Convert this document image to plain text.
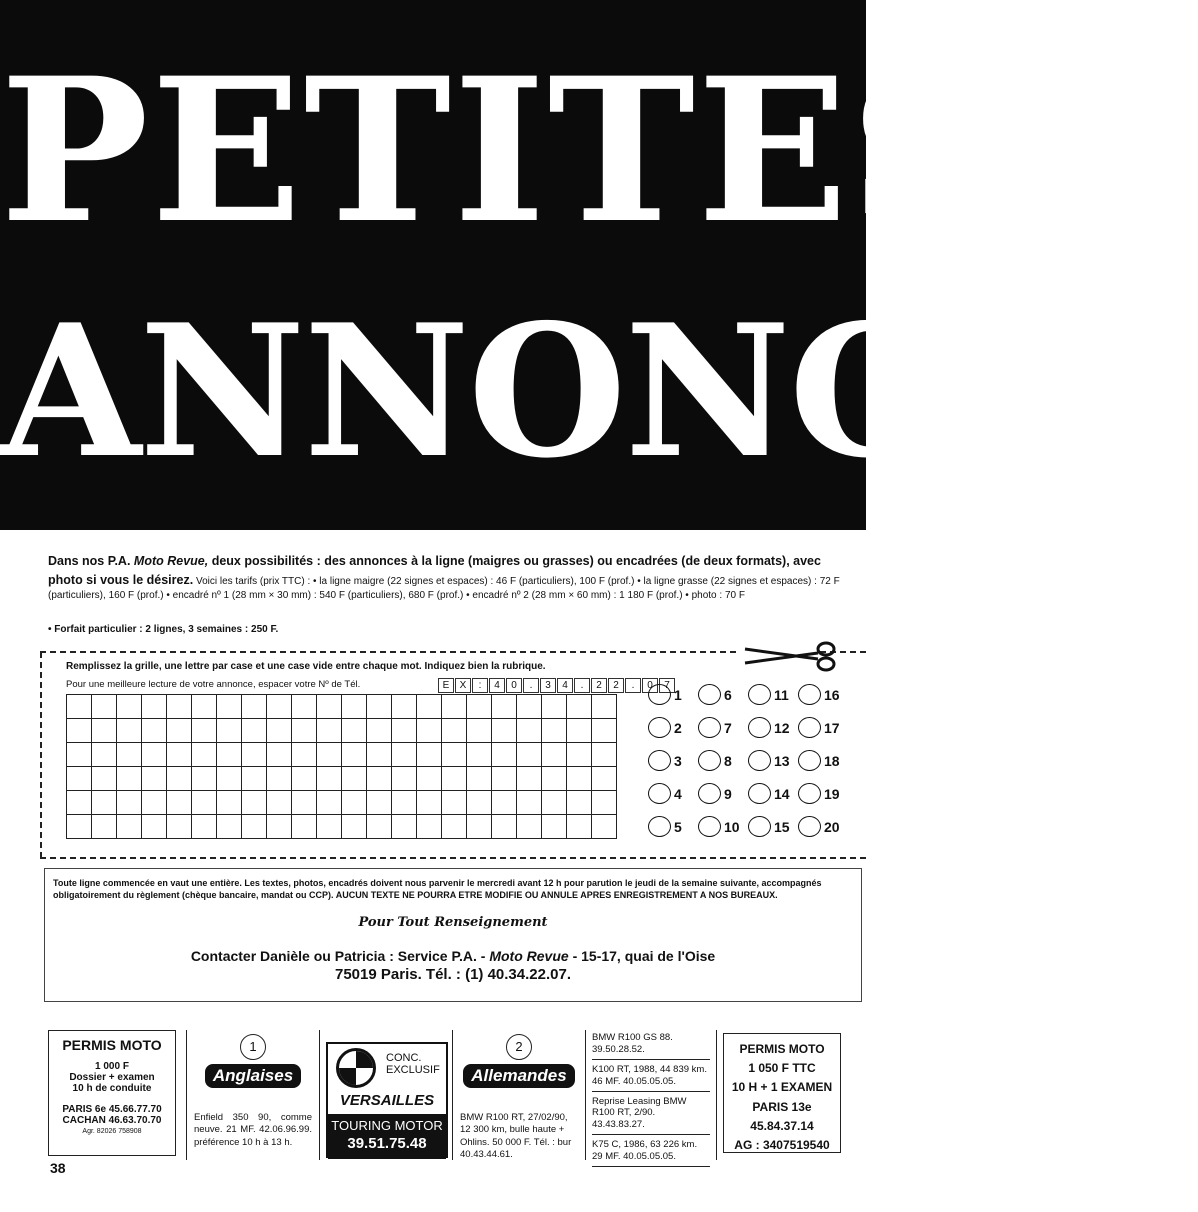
PETITES
ANNONCES
Dans nos P.A. Moto Revue, deux possibilités : des annonces à la ligne (maigres ou grasses) ou encadrées (de deux formats), avec photo si vous le désirez. Voici les tarifs (prix TTC) : • la ligne maigre (22 signes et espaces) : 46 F (particuliers), 100 F (prof.) • la ligne grasse (22 signes et espaces) : 72 F (particuliers), 160 F (prof.) • encadré nº 1 (28 mm × 30 mm) : 540 F (particuliers), 680 F (prof.) • encadré nº 2 (28 mm × 60 mm) : 1 180 F (prof.) • photo : 70 F
• Forfait particulier : 2 lignes, 3 semaines : 250 F.
Remplissez la grille, une lettre par case et une case vide entre chaque mot. Indiquez bien la rubrique.
Pour une meilleure lecture de votre annonce, espacer votre Nº de Tél.	E	X	:	4	0	.	3	4	.	2	2	.	0	7

1	6	11	16
2	7	12 17
3	8	13 18
4	9	14 19
5	10 15 20
Toute ligne commencée en vaut une entière. Les textes, photos, encadrés doivent nous parvenir le mercredi avant 12 h pour parution le jeudi de la semaine suivante, accompagnés obligatoirement du règlement (chèque bancaire, mandat ou CCP). AUCUN TEXTE NE POURRA ETRE MODIFIE OU ANNULE APRES ENREGISTREMENT A NOS BUREAUX.
Pour Tout Renseignement
Contacter Danièle ou Patricia : Service P.A. - Moto Revue - 15-17, quai de l'Oise
75019 Paris. Tél. : (1) 40.34.22.07.
PERMIS MOTO
1 000 F
Dossier + examen
10 h de conduite
PARIS 6e 45.66.77.70
CACHAN 46.63.70.70
Agr. 82026 758908
1
Anglaises
Enfield 350 90, comme neuve. 21 MF. 42.06.96.99. préférence 10 h à 13 h.
CONC.
EXCLUSIF
VERSAILLES
TOURING MOTOR
39.51.75.48
2
Allemandes
BMW R100 RT, 27/02/90, 12 300 km, bulle haute + Ohlins. 50 000 F. Tél. : bur 40.43.44.61.
BMW R100 GS 88. 39.50.28.52.
K100 RT, 1988, 44 839 km. 46 MF. 40.05.05.05.
Reprise Leasing BMW R100 RT, 2/90. 43.43.83.27.
K75 C, 1986, 63 226 km. 29 MF. 40.05.05.05.
PERMIS MOTO
1 050 F TTC
10 H + 1 EXAMEN
PARIS 13e
45.84.37.14
AG : 3407519540
38
